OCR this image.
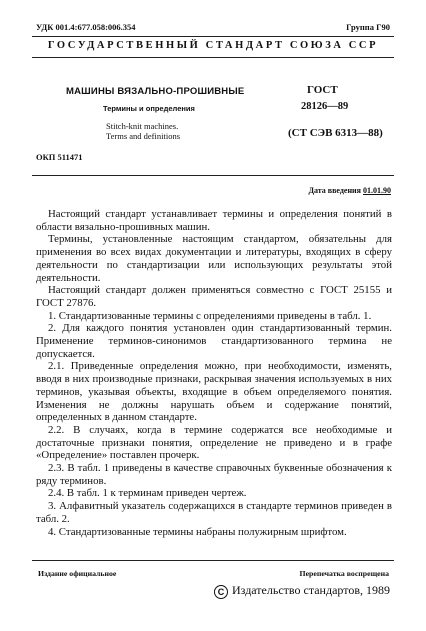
УДК 001.4:677.058:006.354	Группа Г90
ГОСУДАРСТВЕННЫЙ СТАНДАРТ СОЮЗА ССР
МАШИНЫ ВЯЗАЛЬНО-ПРОШИВНЫЕ
Термины и определения
Stitch-knit machines.
Terms and definitions
ГОСТ
28126—89
(СТ СЭВ 6313—88)
ОКП 511471
Дата введения 01.01.90

Настоящий стандарт устанавливает термины и определения понятий в области вязально-прошивных машин.

Термины, установленные настоящим стандартом, обязательны для применения во всех видах документации и литературы, входящих в сферу деятельности по стандартизации или использующих результаты этой деятельности.

Настоящий стандарт должен применяться совместно с ГОСТ 25155 и ГОСТ 27876.

1. Стандартизованные термины с определениями приведены в табл. 1.

2. Для каждого понятия установлен один стандартизованный термин. Применение терминов-синонимов стандартизованного термина не допускается.

2.1. Приведенные определения можно, при необходимости, изменять, вводя в них производные признаки, раскрывая значения используемых в них терминов, указывая объекты, входящие в объем определяемого понятия. Изменения не должны нарушать объем и содержание понятий, определенных в данном стандарте.

2.2. В случаях, когда в термине содержатся все необходимые и достаточные признаки понятия, определение не приведено и в графе «Определение» поставлен прочерк.

2.3. В табл. 1 приведены в качестве справочных буквенные обозначения к ряду терминов.

2.4. В табл. 1 к терминам приведен чертеж.

3. Алфавитный указатель содержащихся в стандарте терминов приведен в табл. 2.

4. Стандартизованные термины набраны полужирным шрифтом.

Издание официальное	Перепечатка воспрещена
C Издательство стандартов, 1989
